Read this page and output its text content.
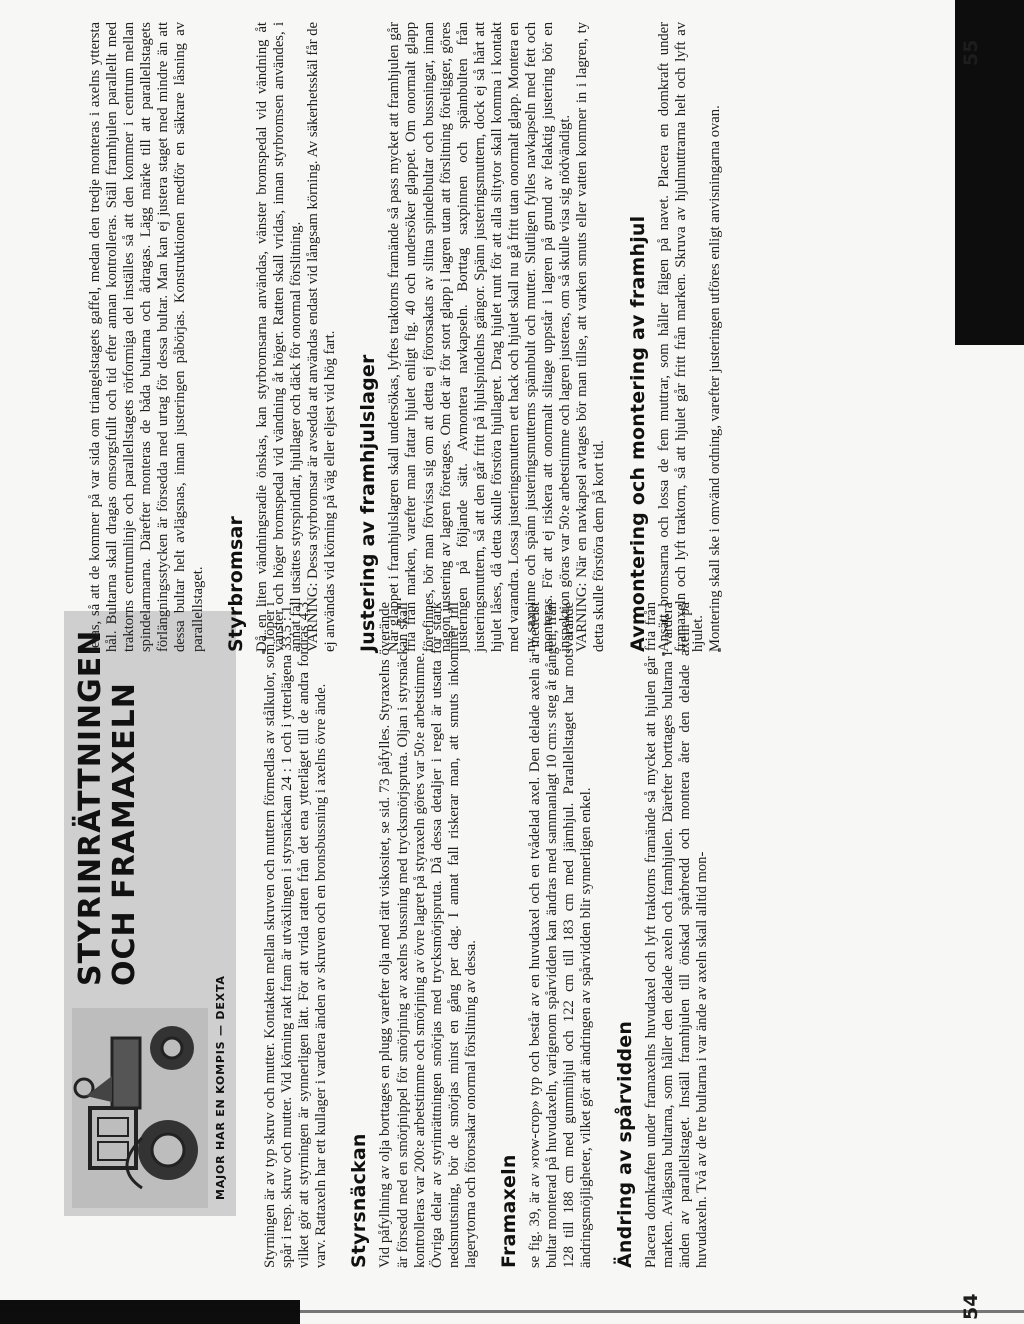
54
STYRINRÄTTNINGEN OCH FRAMAXELN
MAJOR HAR EN KOMPIS — DEXTA Styrningen är av typ skruv och mutter. Kontakten mellan skruven och muttern förmedlas av stålkulor, som löper i spår i resp. skruv och mutter. Vid körning rakt fram är utväxlingen i styrsnäckan 24 : 1 och i ytterlägena 33,5 : 1, vilket gör att styrningen är synnerligen lätt. För att vrida ratten från det ena ytterläget till de andra fordras 4,3 varv. Rattaxeln har ett kullager i vardera änden av skruven och en bronsbussning i axelns övre ände. Styrsnäckan Vid påfyllning av olja borttages en plugg varefter olja med rätt viskositet, se sid. 73 påfylles. Styraxelns överände är försedd med en smörjnippel för smörjning av axelns bussning med trycksmörjspruta. Oljan i styrsnäckan skall kontrolleras var 200:e arbetstimme och smörjning av övre lagret på styraxeln göres var 50:e arbetstimme. Övriga delar av styrinrättningen smörjas med trycksmörjspruta. Då dessa detaljer i regel är utsatta för stark nedsmutsning, bör de smörjas minst en gång per dag. I annat fall riskerar man, att smuts inkommer till lagerytorna och förorsakar onormal förslitning av dessa. Framaxeln se fig. 39, är av »row-crop» typ och består av en huvudaxel och en tvådelad axel. Den delade axeln är medelst bultar monterad på huvudaxeln, varigenom spårvidden kan ändras med sammanlagt 10 cm:s steg åt gången, från 128 till 188 cm med gummihjul och 122 cm till 183 cm med järnhjul. Parallellstaget har motsvarande ändringsmöjligheter, vilket gör att ändringen av spårvidden blir synnerligen enkel. Ändring av spårvidden Placera domkraften under framaxelns huvudaxel och lyft traktorns framände så mycket att hjulen går fria från marken. Avlägsna bultarna, som håller den delade axeln och framhjulen. Därefter borttages bultarna i vardera änden av parallellstaget. Inställ framhjulen till önskad spårbredd och montera åter den delade axeln på huvudaxeln. Två av de tre bultarna i var ände av axeln skall alltid mon-

teras, så att de kommer på var sida om triangelstagets gaffel, medan den tredje monteras i axelns yttersta hål. Bultarna skall dragas omsorgsfullt och tid efter annan kontrolleras. Ställ framhjulen parallellt med traktorns centrumlinje och parallellstagets rörformiga del inställes så att den kommer i centrum mellan spindelarmarna. Därefter monteras de båda bultarna och ådragas. Lägg märke till att parallellstagets förlängningsstycken är försedda med urtag för dessa bultar. Man kan ej justera staget med mindre än att dessa bultar helt avlägsnas, innan justeringen påbörjas. Konstruktionen medför en säkrare låsning av parallellstaget. Styrbromsar Då en liten vändningsradie önskas, kan styrbromsarna användas, vänster bromspedal vid vändning åt vänster och höger bromspedal vid vändning åt höger. Ratten skall vridas, innan styrbromsen användes, i annat fall utsättes styrspindlar, hjullager och däck för onormal förslitning. VARNING: Dessa styrbromsar är avsedda att användas endast vid långsam körning. Av säkerhetsskäl får de ej användas vid körning på väg eller eljest vid hög fart. Justering av framhjulslager När glappet i framhjulslagren skall undersökas, lyftes traktorns framände så pass mycket att framhjulen går fria från marken, varefter man fattar hjulet enligt fig. 40 och undersöker glappet. Om onormalt glapp förefinnes, bör man förvissa sig om att detta ej förorsakats av slitna spindelbultar och bussningar, innan någon justering av lagren företages. Om det är för stort glapp i lagren utan att förslitning föreligger, göres justeringen på följande sätt. Avmontera navkapseln. Borttag saxpinnen och spännbulten från justeringsmuttern, så att den går fritt på hjulspindelns gängor. Spänn justeringsmuttern, dock ej så hårt att hjulet låses, då detta skulle förstöra hjullagret. Drag hjulet runt för att alla slitytor skall komma i kontakt med varandra. Lossa justeringsmuttern ett hack och hjulet skall nu gå fritt utan onormalt glapp. Montera en ny saxpinne och spänn justeringsmutterns spännbult och mutter. Slutligen fylles navkapseln med fett och monteras. För att ej riskera att onormalt slitage uppstår i lagren på grund av felaktig justering bör en inspektion göras var 50:e arbetstimme och lagren justeras, om så skulle visa sig nödvändigt. VARNING: När en navkapsel avtages bör man tillse, att varken smuts eller vatten kommer in i lagren, ty detta skulle förstöra dem på kort tid. Avmontering och montering av framhjul Ansätt bromsarna och lossa de fem muttrar, som håller fälgen på navet. Placera en domkraft under framaxeln och lyft traktorn, så att hjulet går fritt från marken. Skruva av hjulmuttrarna helt och lyft av hjulet. Montering skall ske i omvänd ordning, varefter justeringen utföres enligt anvisningarna ovan.

55
